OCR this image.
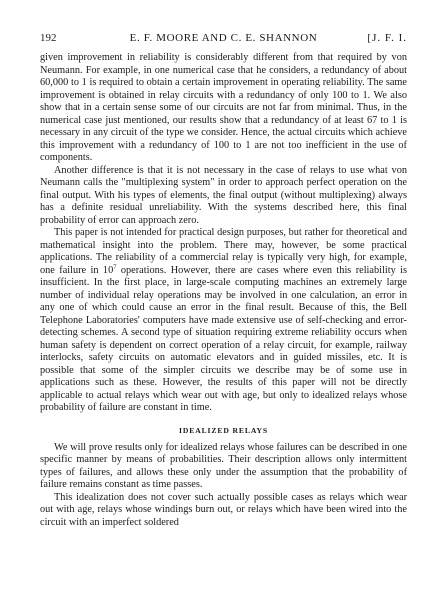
192	E. F. MOORE AND C. E. SHANNON	[J. F. I.

given improvement in reliability is considerably different from that required by von Neumann. For example, in one numerical case that he considers, a redundancy of about 60,000 to 1 is required to obtain a certain improvement in operating reliability. The same improvement is obtained in relay circuits with a redundancy of only 100 to 1. We also show that in a certain sense some of our circuits are not far from minimal. Thus, in the numerical case just mentioned, our results show that a redundancy of at least 67 to 1 is necessary in any circuit of the type we consider. Hence, the actual circuits which achieve this improvement with a redundancy of 100 to 1 are not too inefficient in the use of components.

Another difference is that it is not necessary in the case of relays to use what von Neumann calls the "multiplexing system" in order to approach perfect operation on the final output. With his types of elements, the final output (without multiplexing) always has a definite residual unreliability. With the systems described here, this final probability of error can approach zero.

This paper is not intended for practical design purposes, but rather for theoretical and mathematical insight into the problem. There may, however, be some practical applications. The reliability of a commercial relay is typically very high, for example, one failure in $10^7$ operations. However, there are cases where even this reliability is insufficient. In the first place, in large-scale computing machines an extremely large number of individual relay operations may be involved in one calculation, an error in any one of which could cause an error in the final result. Because of this, the Bell Telephone Laboratories' computers have made extensive use of self-checking and error-detecting schemes. A second type of situation requiring extreme reliability occurs when human safety is dependent on correct operation of a relay circuit, for example, railway interlocks, safety circuits on automatic elevators and in guided missiles, etc. It is possible that some of the simpler circuits we describe may be of some use in applications such as these. However, the results of this paper will not be directly applicable to actual relays which wear out with age, but only to idealized relays whose probability of failure are constant in time.

IDEALIZED RELAYS

We will prove results only for idealized relays whose failures can be described in one specific manner by means of probabilities. Their description allows only intermittent types of failures, and allows these only under the assumption that the probability of failure remains constant as time passes.

This idealization does not cover such actually possible cases as relays which wear out with age, relays whose windings burn out, or relays which have been wired into the circuit with an imperfect soldered
